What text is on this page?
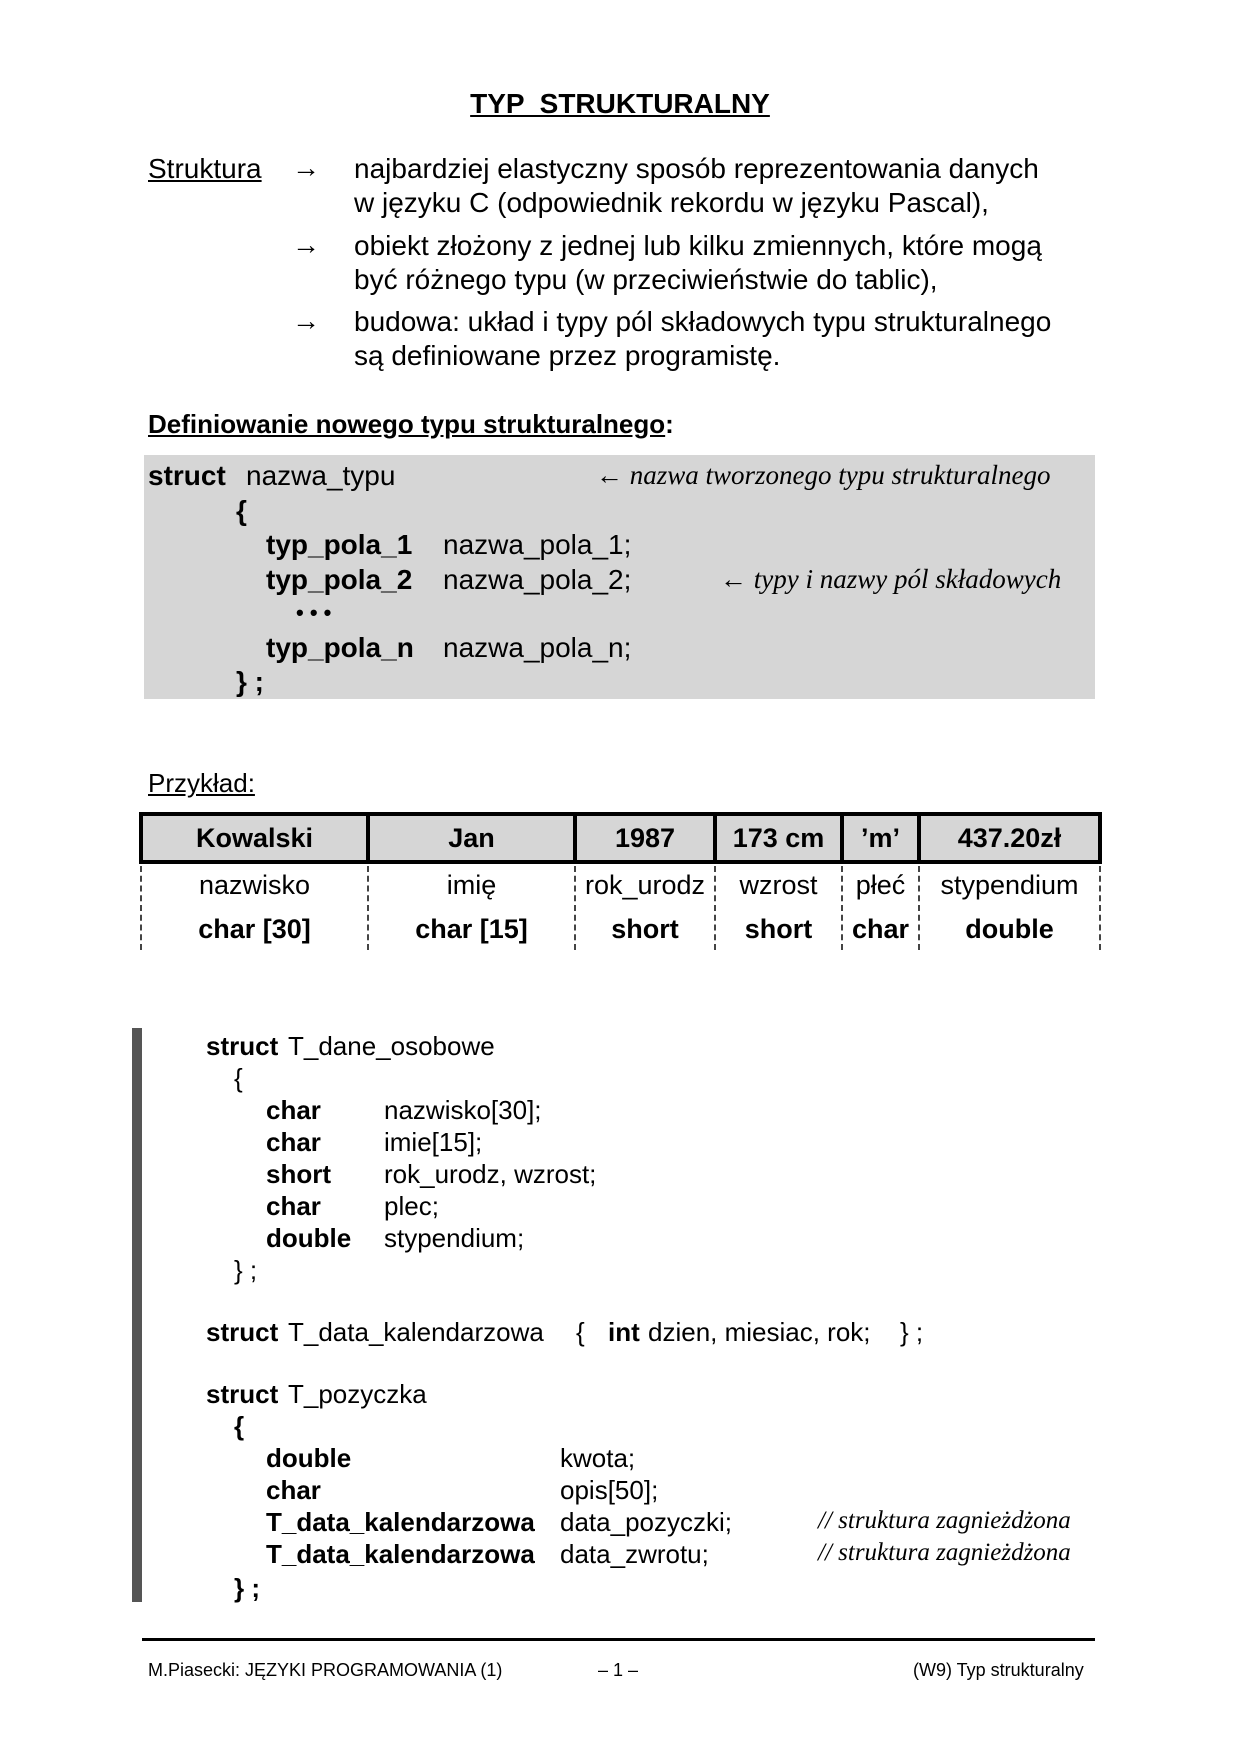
TYP  STRUKTURALNY
Struktura → najbardziej elastyczny sposób reprezentowania danych
w języku C (odpowiednik rekordu w języku Pascal),
→ obiekt złożony z jednej lub kilku zmiennych, które mogą
być różnego typu (w przeciwieństwie do tablic),
→ budowa: układ i typy pól składowych typu strukturalnego
są definiowane przez programistę.
Definiowanie nowego typu strukturalnego:
struct nazwa_typu	← nazwa tworzonego typu strukturalnego
{
typ_pola_1 nazwa_pola_1;
typ_pola_2 nazwa_pola_2;	← typy i nazwy pól składowych
• • •
typ_pola_n nazwa_pola_n;
} ;
Przykład:
Kowalski	Jan	1987	173 cm	’m’	437.20zł
nazwisko	imię	rok_urodz	wzrost	płeć	stypendium
char [30]	char [15]	short	short	char	double
struct T_dane_osobowe
{
char nazwisko[30];
char imie[15];
short rok_urodz, wzrost;
char plec;
double stypendium;
} ;
struct T_data_kalendarzowa { int dzien, miesiac, rok; } ;
struct T_pozyczka
{
double	kwota;
char	opis[50];
T_data_kalendarzowa data_pozyczki;	// struktura zagnieżdżona
T_data_kalendarzowa data_zwrotu;	// struktura zagnieżdżona
} ;
M.Piasecki: JĘZYKI PROGRAMOWANIA (1)	– 1 –	(W9) Typ strukturalny
